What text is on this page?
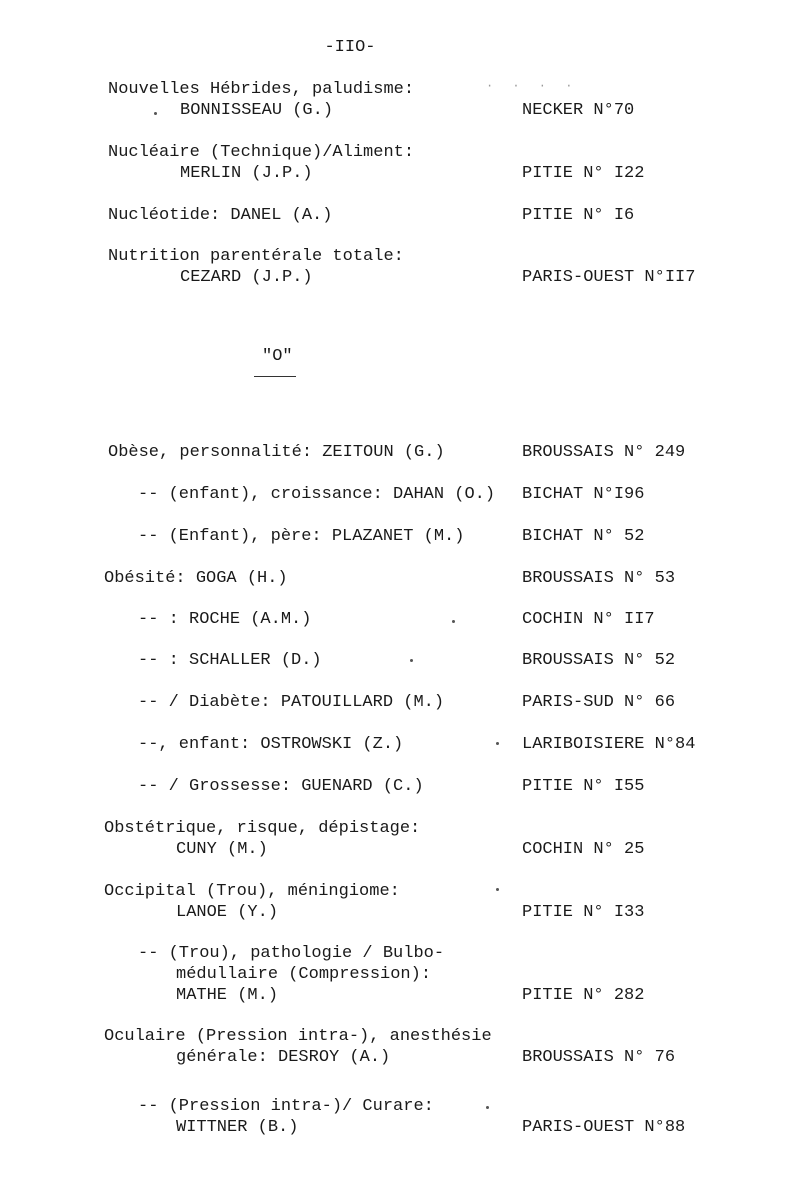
-IIO-
· · · ·
Nouvelles Hébrides, paludisme:
BONNISSEAU (G.)	NECKER N°70
Nucléaire (Technique)/Aliment:
MERLIN (J.P.)	PITIE N° I22
Nucléotide: DANEL (A.)	PITIE N° I6
Nutrition parentérale totale:
CEZARD (J.P.)	PARIS-OUEST N°II7
"O"
Obèse, personnalité: ZEITOUN (G.)	BROUSSAIS N° 249
-- (enfant), croissance: DAHAN (O.) BICHAT N°I96
-- (Enfant), père: PLAZANET (M.)	BICHAT N° 52
Obésité: GOGA (H.)	BROUSSAIS N° 53
-- : ROCHE (A.M.)	COCHIN N° II7
-- : SCHALLER (D.)	BROUSSAIS N° 52
-- / Diabète: PATOUILLARD (M.)	PARIS-SUD N° 66
--, enfant: OSTROWSKI (Z.)	LARIBOISIERE N°84
-- / Grossesse: GUENARD (C.)	PITIE N° I55
Obstétrique, risque, dépistage:
CUNY (M.)	COCHIN N° 25
Occipital (Trou), méningiome:
LANOE (Y.)	PITIE N° I33
-- (Trou), pathologie / Bulbo-
médullaire (Compression):
MATHE (M.)	PITIE N° 282
Oculaire (Pression intra-), anesthésie
générale: DESROY (A.)	BROUSSAIS N° 76
-- (Pression intra-)/ Curare:
WITTNER (B.)	PARIS-OUEST N°88
